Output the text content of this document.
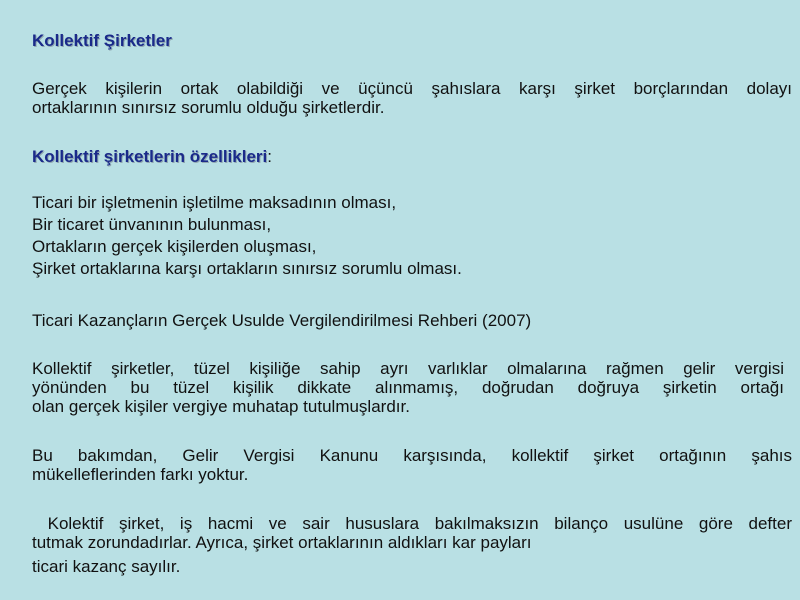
Kollektif Şirketler

Gerçek kişilerin ortak olabildiği ve üçüncü şahıslara karşı şirket borçlarından dolayı

ortaklarının sınırsız sorumlu olduğu şirketlerdir.

Kollektif şirketlerin özellikleri:

Ticari bir işletmenin işletilme maksadının olması,
Bir ticaret ünvanının bulunması,
Ortakların gerçek kişilerden oluşması,
Şirket ortaklarına karşı ortakların sınırsız sorumlu olması.

Ticari Kazançların Gerçek Usulde Vergilendirilmesi Rehberi (2007)

Kollektif şirketler, tüzel kişiliğe sahip ayrı varlıklar olmalarına rağmen gelir vergisi

yönünden bu tüzel kişilik dikkate alınmamış, doğrudan doğruya şirketin ortağı

olan gerçek kişiler vergiye muhatap tutulmuşlardır.

Bu bakımdan, Gelir Vergisi Kanunu karşısında, kollektif şirket ortağının şahıs

mükelleflerinden farkı yoktur.

Kolektif şirket, iş hacmi ve sair hususlara bakılmaksızın bilanço usulüne göre defter

tutmak zorundadırlar. Ayrıca, şirket ortaklarının aldıkları kar payları

ticari kazanç sayılır.
